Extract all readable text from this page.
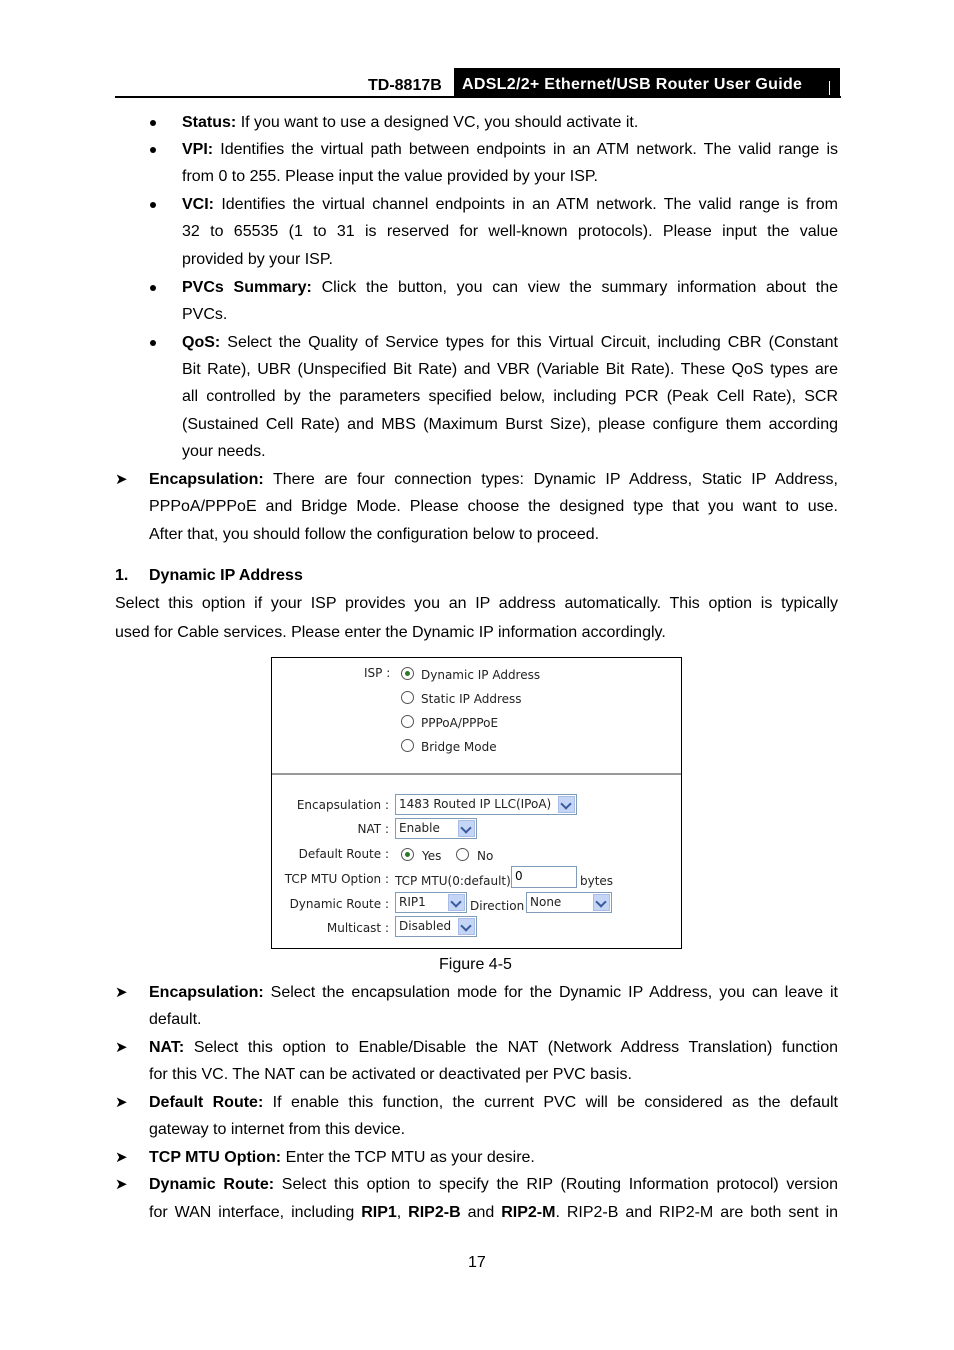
TD-8817B	ADSL2/2+ Ethernet/USB Router User Guide
Status: If you want to use a designed VC, you should activate it.
VPI: Identifies the virtual path between endpoints in an ATM network. The valid range is
from 0 to 255. Please input the value provided by your ISP.
VCI: Identifies the virtual channel endpoints in an ATM network. The valid range is from
32 to 65535 (1 to 31 is reserved for well-known protocols). Please input the value
provided by your ISP.
PVCs Summary: Click the button, you can view the summary information about the
PVCs.
QoS: Select the Quality of Service types for this Virtual Circuit, including CBR (Constant
Bit Rate), UBR (Unspecified Bit Rate) and VBR (Variable Bit Rate). These QoS types are
all controlled by the parameters specified below, including PCR (Peak Cell Rate), SCR
(Sustained Cell Rate) and MBS (Maximum Burst Size), please configure them according
your needs.
➤ Encapsulation: There are four connection types: Dynamic IP Address, Static IP Address,
PPPoA/PPPoE and Bridge Mode. Please choose the designed type that you want to use.
After that, you should follow the configuration below to proceed.
1. Dynamic IP Address
Select this option if your ISP provides you an IP address automatically. This option is typically
used for Cable services. Please enter the Dynamic IP information accordingly.
ISP :	Dynamic IP Address
Static IP Address
PPPoA/PPPoE
Bridge Mode
Encapsulation : 1483 Routed IP LLC(IPoA)
NAT : Enable
Default Route :	Yes	No
TCP MTU Option : TCP MTU(0:default) 0	bytes
Dynamic Route : RIP1	Direction None
Multicast : Disabled
Figure 4-5
➤ Encapsulation: Select the encapsulation mode for the Dynamic IP Address, you can leave it
default.
➤ NAT: Select this option to Enable/Disable the NAT (Network Address Translation) function
for this VC. The NAT can be activated or deactivated per PVC basis.
➤ Default Route: If enable this function, the current PVC will be considered as the default
gateway to internet from this device.
➤ TCP MTU Option: Enter the TCP MTU as your desire.
➤ Dynamic Route: Select this option to specify the RIP (Routing Information protocol) version
for WAN interface, including RIP1, RIP2-B and RIP2-M. RIP2-B and RIP2-M are both sent in
17
